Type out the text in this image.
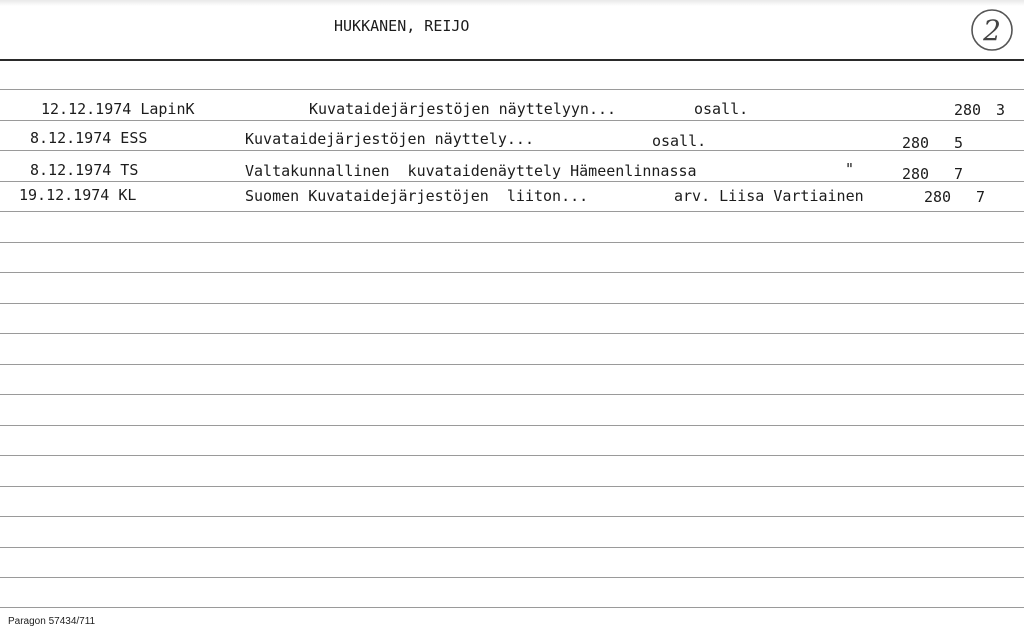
HUKKANEN, REIJO	2
12.12.1974 LapinK	Kuvataidejärjestöjen näyttelyyn...	osall.	280 3
8.12.1974 ESS	Kuvataidejärjestöjen näyttely...	osall.	280 5
8.12.1974 TS	Valtakunnallinen  kuvataidenäyttely Hämeenlinnassa	"	280 7
19.12.1974 KL	Suomen Kuvataidejärjestöjen  liiton...	arv. Liisa Vartiainen	280 7
Paragon 57434/711
